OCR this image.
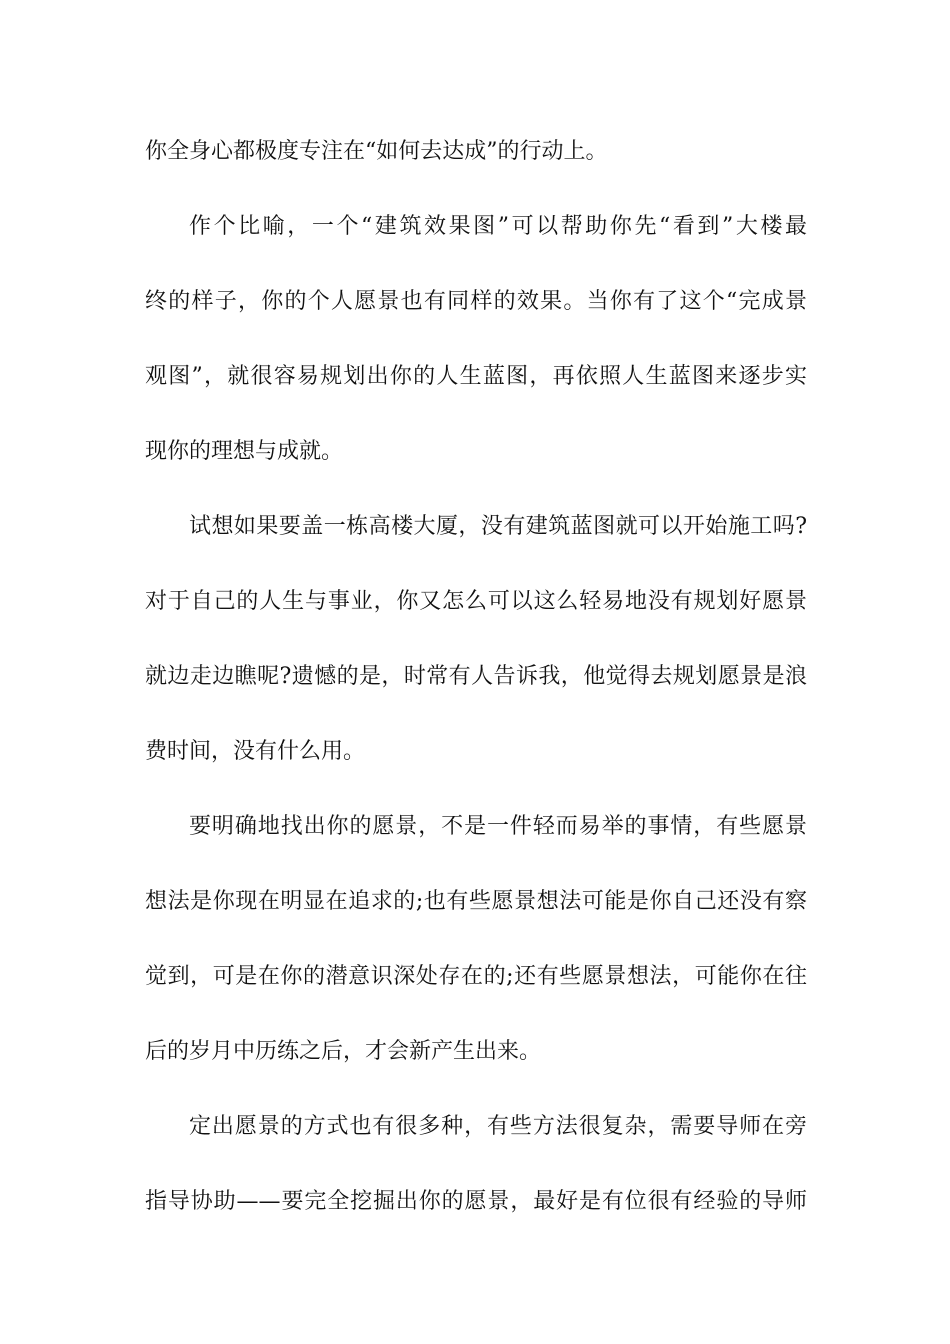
你全身心都极度专注在“如何去达成”的行动上。
作个比喻，一个“建筑效果图”可以帮助你先“看到”大楼最
终的样子，你的个人愿景也有同样的效果。当你有了这个“完成景
观图”，就很容易规划出你的人生蓝图，再依照人生蓝图来逐步实
现你的理想与成就。
试想如果要盖一栋高楼大厦，没有建筑蓝图就可以开始施工吗?
对于自己的人生与事业，你又怎么可以这么轻易地没有规划好愿景
就边走边瞧呢?遗憾的是，时常有人告诉我，他觉得去规划愿景是浪
费时间，没有什么用。
要明确地找出你的愿景，不是一件轻而易举的事情，有些愿景
想法是你现在明显在追求的;也有些愿景想法可能是你自己还没有察
觉到，可是在你的潜意识深处存在的;还有些愿景想法，可能你在往
后的岁月中历练之后，才会新产生出来。
定出愿景的方式也有很多种，有些方法很复杂，需要导师在旁
指导协助——要完全挖掘出你的愿景，最好是有位很有经验的导师
